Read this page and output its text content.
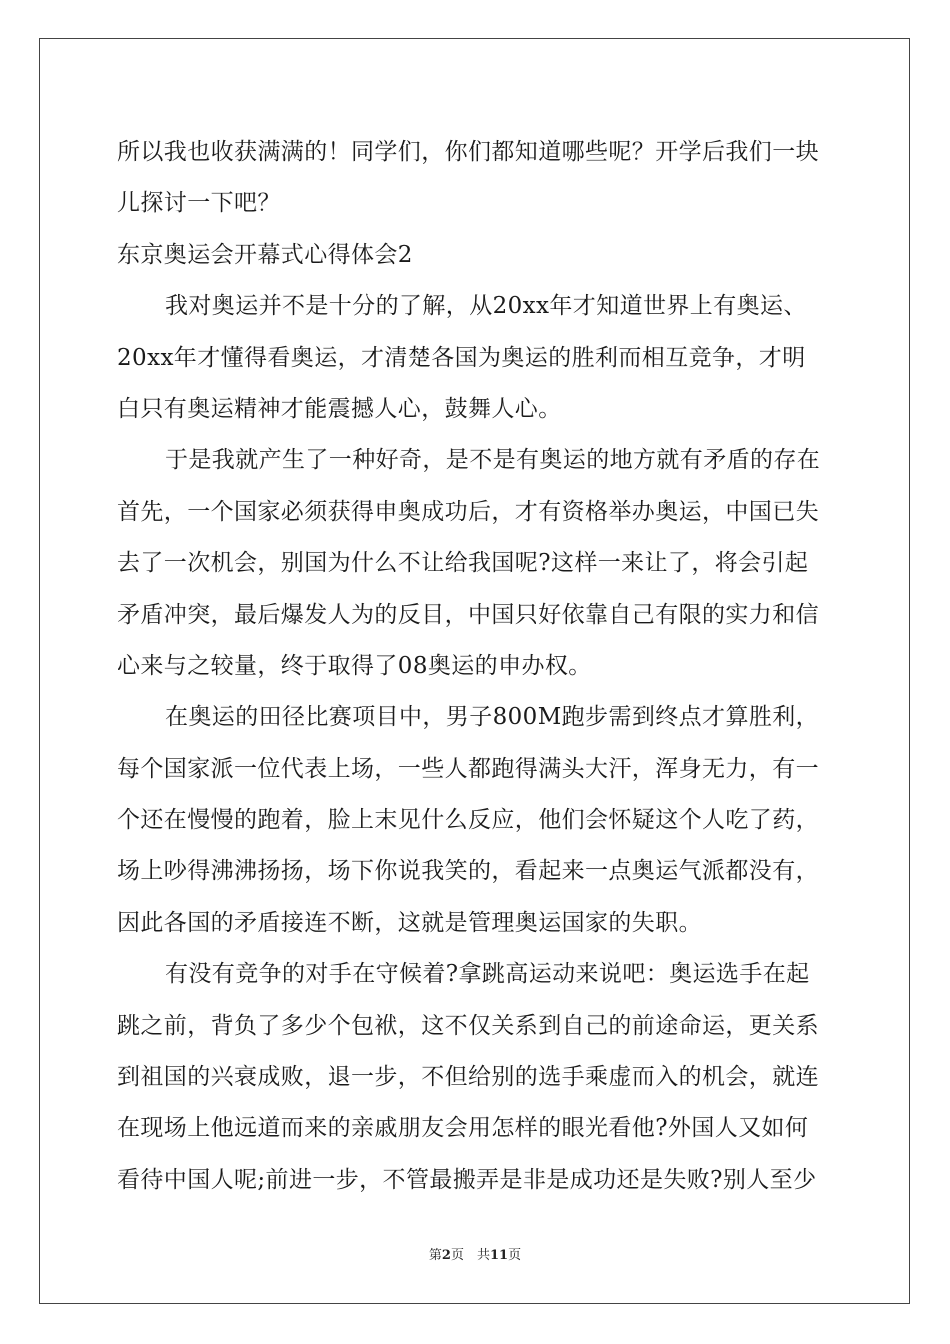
所以我也收获满满的！同学们，你们都知道哪些呢？开学后我们一块
儿探讨一下吧？
东京奥运会开幕式心得体会2
我对奥运并不是十分的了解，从20xx年才知道世界上有奥运、
20xx年才懂得看奥运，才清楚各国为奥运的胜利而相互竞争，才明
白只有奥运精神才能震撼人心，鼓舞人心。
于是我就产生了一种好奇，是不是有奥运的地方就有矛盾的存在
首先，一个国家必须获得申奥成功后，才有资格举办奥运，中国已失
去了一次机会，别国为什么不让给我国呢?这样一来让了，将会引起
矛盾冲突，最后爆发人为的反目，中国只好依靠自己有限的实力和信
心来与之较量，终于取得了08奥运的申办权。
在奥运的田径比赛项目中，男子800M跑步需到终点才算胜利，
每个国家派一位代表上场，一些人都跑得满头大汗，浑身无力，有一
个还在慢慢的跑着，脸上末见什么反应，他们会怀疑这个人吃了药，
场上吵得沸沸扬扬，场下你说我笑的，看起来一点奥运气派都没有，
因此各国的矛盾接连不断，这就是管理奥运国家的失职。
有没有竞争的对手在守候着?拿跳高运动来说吧：奥运选手在起
跳之前，背负了多少个包袱，这不仅关系到自己的前途命运，更关系
到祖国的兴衰成败，退一步，不但给别的选手乘虚而入的机会，就连
在现场上他远道而来的亲戚朋友会用怎样的眼光看他?外国人又如何
看待中国人呢;前进一步，不管最搬弄是非是成功还是失败?别人至少
第2页　共11页
